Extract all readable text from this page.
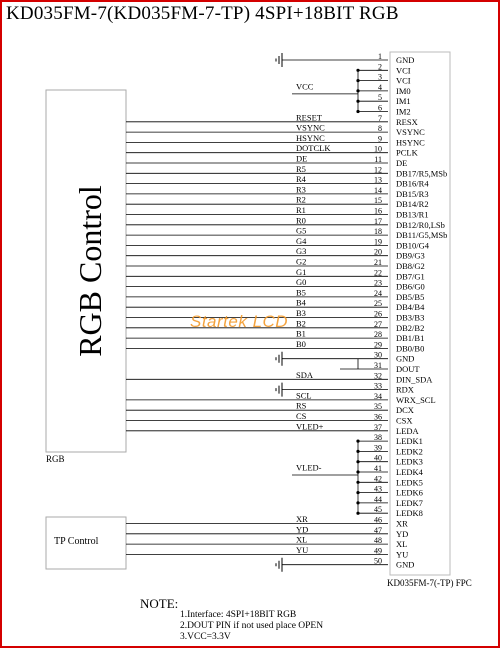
KD035FM-7(KD035FM-7-TP) 4SPI+18BIT RGB
RGB Control
1 GND
2 VCI
3 VCI
4 IM0
VCC
5 IM1
6 IM2
7 RESX
RESET
8 VSYNC
VSYNC
9 HSYNC
HSYNC
10 PCLK
DOTCLK
11 DE
DE
12 DB17/R5,MSb
R5
13 DB16/R4
R4
14 DB15/R3
R3
15 DB14/R2
R2
16 DB13/R1
R1
17 DB12/R0,LSb
R0
18 DB11/G5,MSb
G5
19 DB10/G4
G4
20 DB9/G3
G3
21 DB8/G2
G2
22 DB7/G1
G1
23 DB6/G0
G0
24 DB5/B5
B5
25 DB4/B4
B4
26 DB3/B3
B3
27 DB2/B2
B2
28 DB1/B1
B1
29 DB0/B0
B0
30 GND
31 DOUT
32 DIN_SDA
SDA
33 RDX
34 WRX_SCL
SCL
35 DCX
RS
36 CSX
CS
37 LEDA
VLED+
38 LEDK1
39 LEDK2
40 LEDK3
41 LEDK4
VLED-
42 LEDK5
43 LEDK6
44 LEDK7
45 LEDK8
46 XR
XR
47 YD
YD
48 XL
XL
49 YU
YU
50 GND
TP Control
RGB
KD035FM-7(-TP) FPC
Startek LCD
NOTE:
1.Interface: 4SPI+18BIT RGB
2.DOUT PIN if not used place OPEN
3.VCC=3.3V
